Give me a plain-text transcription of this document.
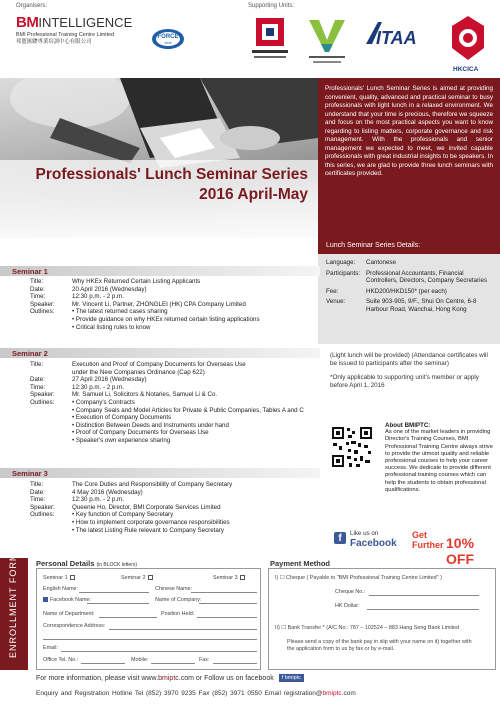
Organisers:	Supporting Units:
BMINTELLIGENCE
BMI Professional Training Centre Limited
邦盟匯駿專業培訓中心有限公司
FORCE
club	ITAA
HKCICA
Professionals' Lunch Seminar Series
2016 April-May
Professionals' Lunch Seminar Series is aimed at providing convenient, quality, advanced and practical seminar to busy professionals with light lunch in a relaxed environment. We understand that your time is precious, therefore we squeeze and focus on the most practical aspects you want to know regarding to listing matters, corporate governance and risk management. With the professionals and senior management we expected to meet, we invited capable professionals with great industrial insights to be speakers. In this series, we are glad to provide three lunch seminars with certificates provided.
Lunch Seminar Series Details:
Language:	Cantonese
Participants: Professional Accountants, Financial Controllers, Directors, Company Secretaries
Fee:	HKD200/HKD150* (per each)
Venue:	Suite 903-905, 9/F., Shui On Centre, 6-8 Harbour Road, Wanchai, Hong Kong

(Light lunch will be provided) (Attendance certificates will be issued to participants after the seminar)

*Only applicable to supporting unit's member or apply before April 1, 2016

About BMIPTC:
As one of the market leaders in providing Director's Training Courses, BMI Professional Training Centre always strive to provide the utmost quality and reliable professional courses to help your career success. We dedicate to provide different professional training courses which can help the students to obtain professional qualifications.
f	Like us on
Facebook
Get Further 10% OFF
Seminar 1
Title:	Why HKEx Returned Certain Listing Applicants
Date:	20 April 2016 (Wednesday)
Time:	12:30 p.m. - 2 p.m.
Speaker:	Mr. Vincent Li, Partner, ZHONGLEI (HK) CPA Company Limited
Outlines:	• The latest returned cases sharing
• Provide guidance on why HKEx returned certain listing applications
• Critical listing rules to know
Seminar 2
Title:	Execution and Proof of Company Documents for Overseas Use under the New Companies Ordinance (Cap 622)
Date:	27 April 2016 (Wednesday)
Time:	12:30 p.m. - 2 p.m.
Speaker:	Mr. Samuel Li, Solicitors & Notaries, Samuel Li & Co.
Outlines:	• Company's Contracts
• Company Seals and Model Articles for Private & Public Companies, Tables A and C
• Execution of Company Documents
• Distinction Between Deeds and Instruments under hand
• Proof of Company Documents for Overseas Use
• Speaker's own experience sharing
Seminar 3
Title:	The Core Duties and Responsibility of Company Secretary
Date:	4 May 2016 (Wednesday)
Time:	12:30 p.m. - 2 p.m.
Speaker:	Queenie Ho, Director, BMI Corporate Services Limited
Outlines:	• Key function of Company Secretary
• How to implement corporate governance responsibilities
• The latest Listing Rule relevant to Company Secretary
ENROLLMENT FORM Personal Details (in BLOCK letters)
Seminar 1	Seminar 2	Seminar 3
English Name:	Chinese Name:
Facebook Name:	Name of Company:
Name of Department:	Position Held:
Correspondence Address:
Email:
Office Tel. No.:	Mobile:	Fax:
Payment Method
I) ☐ Cheque ( Payable to "BMI Professional Training Centre Limited" )
Cheque No.:
HK Dollar:
II) ☐ Bank Transfer * (A/C No.: 787 – 102524 – 883 Hang Seng Bank Limited
Please send a copy of the bank pay in slip with your name on it) together with the application form to us by fax or by e-mail.
For more information, please visit www.bmiptc.com or Follow us on facebook f bmiptc
Enquiry and Registration Hotline Tel (852) 3970 9235 Fax (852) 3971 0550 Email registration@bmiptc.com
